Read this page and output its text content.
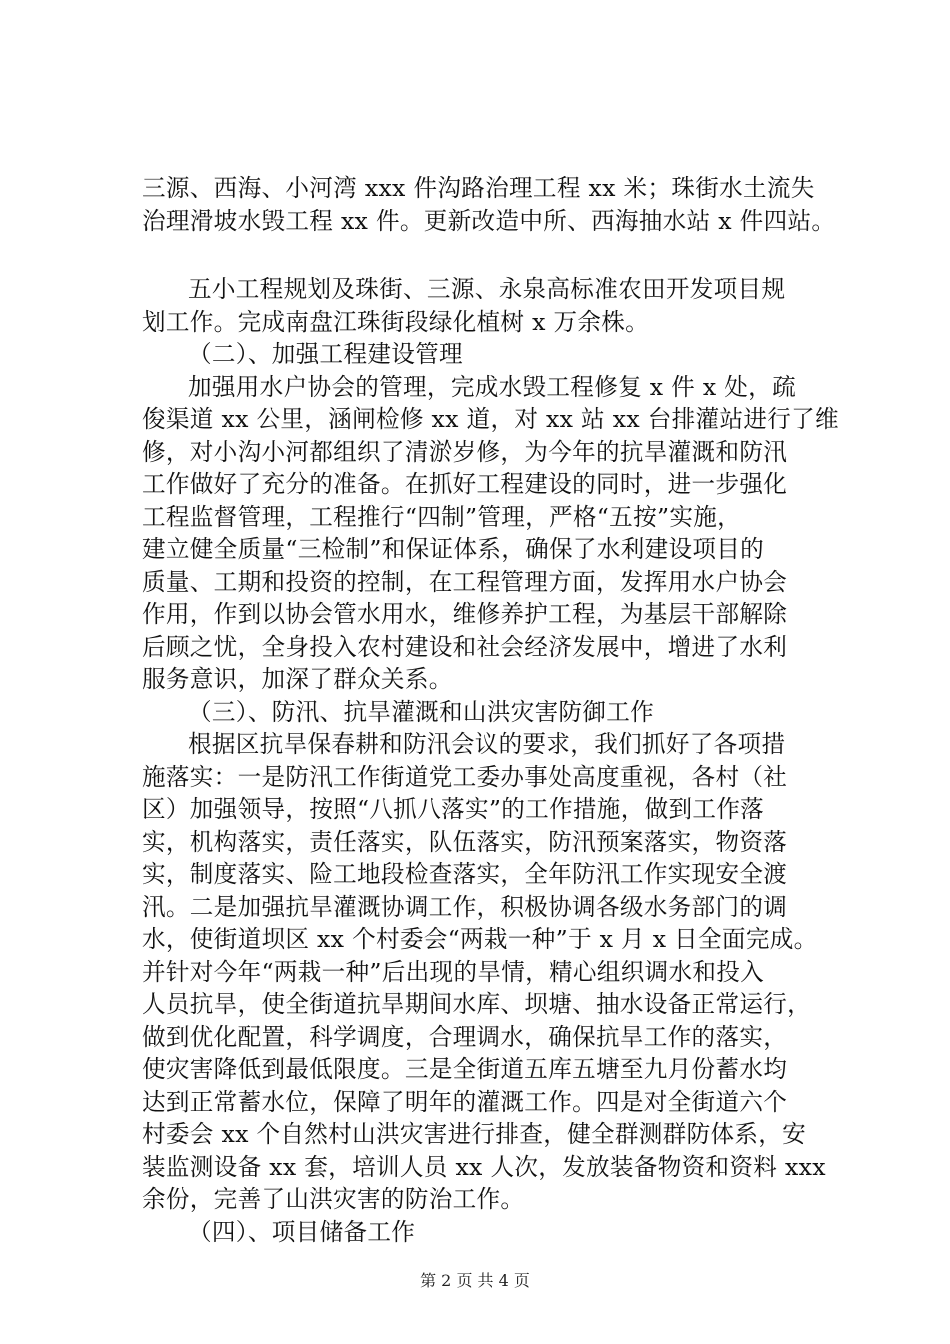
三源、西海、小河湾 xxx 件沟路治理工程 xx 米；珠街水土流失
治理滑坡水毁工程 xx 件。更新改造中所、西海抽水站 x 件四站。
五小工程规划及珠街、三源、永泉高标准农田开发项目规
划工作。完成南盘江珠街段绿化植树 x 万余株。
（二）、加强工程建设管理
加强用水户协会的管理，完成水毁工程修复 x 件 x 处，疏
俊渠道 xx 公里，涵闸检修 xx 道，对 xx 站 xx 台排灌站进行了维
修，对小沟小河都组织了清淤岁修，为今年的抗旱灌溉和防汛
工作做好了充分的准备。在抓好工程建设的同时，进一步强化
工程监督管理，工程推行“四制”管理，严格“五按”实施，
建立健全质量“三检制”和保证体系，确保了水利建设项目的
质量、工期和投资的控制，在工程管理方面，发挥用水户协会
作用，作到以协会管水用水，维修养护工程，为基层干部解除
后顾之忧，全身投入农村建设和社会经济发展中，增进了水利
服务意识，加深了群众关系。
（三）、防汛、抗旱灌溉和山洪灾害防御工作
根据区抗旱保春耕和防汛会议的要求，我们抓好了各项措
施落实：一是防汛工作街道党工委办事处高度重视，各村（社
区）加强领导，按照“八抓八落实”的工作措施，做到工作落
实，机构落实，责任落实，队伍落实，防汛预案落实，物资落
实，制度落实、险工地段检查落实，全年防汛工作实现安全渡
汛。二是加强抗旱灌溉协调工作，积极协调各级水务部门的调
水，使街道坝区 xx 个村委会“两栽一种”于 x 月 x 日全面完成。
并针对今年“两栽一种”后出现的旱情，精心组织调水和投入
人员抗旱，使全街道抗旱期间水库、坝塘、抽水设备正常运行，
做到优化配置，科学调度，合理调水，确保抗旱工作的落实，
使灾害降低到最低限度。三是全街道五库五塘至九月份蓄水均
达到正常蓄水位，保障了明年的灌溉工作。四是对全街道六个
村委会 xx 个自然村山洪灾害进行排查，健全群测群防体系，安
装监测设备 xx 套，培训人员 xx 人次，发放装备物资和资料 xxx
余份，完善了山洪灾害的防治工作。
（四）、项目储备工作
第 2 页 共 4 页
